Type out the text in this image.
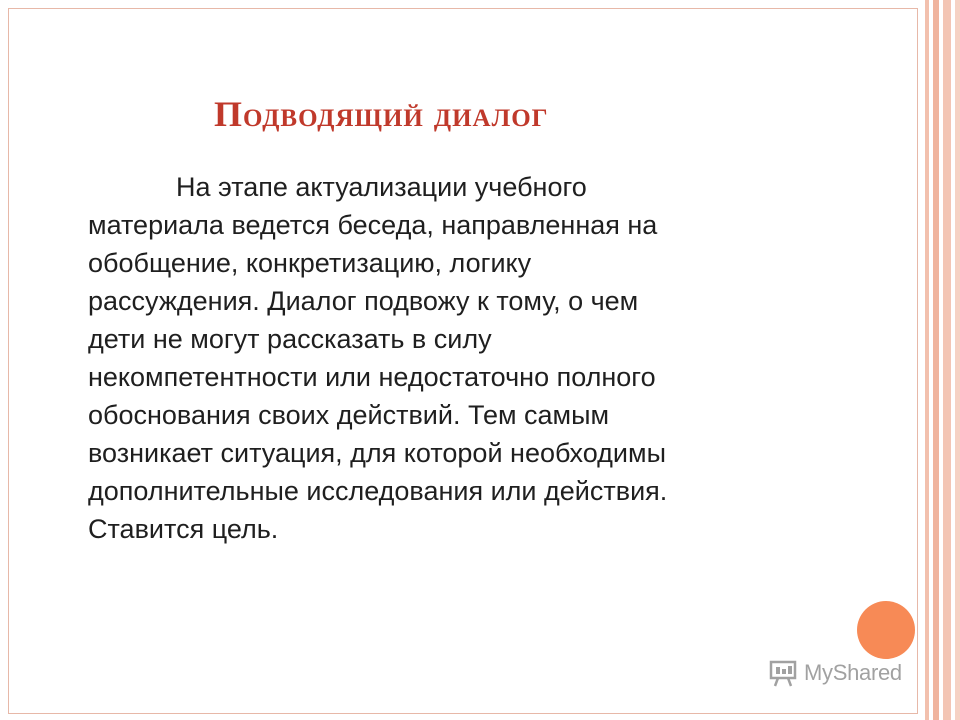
Подводящий диалог

На этапе актуализации учебного
материала ведется беседа, направленная на
обобщение, конкретизацию, логику
рассуждения. Диалог подвожу к тому, о чем
дети не могут рассказать в силу
некомпетентности или недостаточно полного
обоснования своих действий. Тем самым
возникает ситуация, для которой необходимы
дополнительные исследования или действия.
Ставится цель.

MyShared
